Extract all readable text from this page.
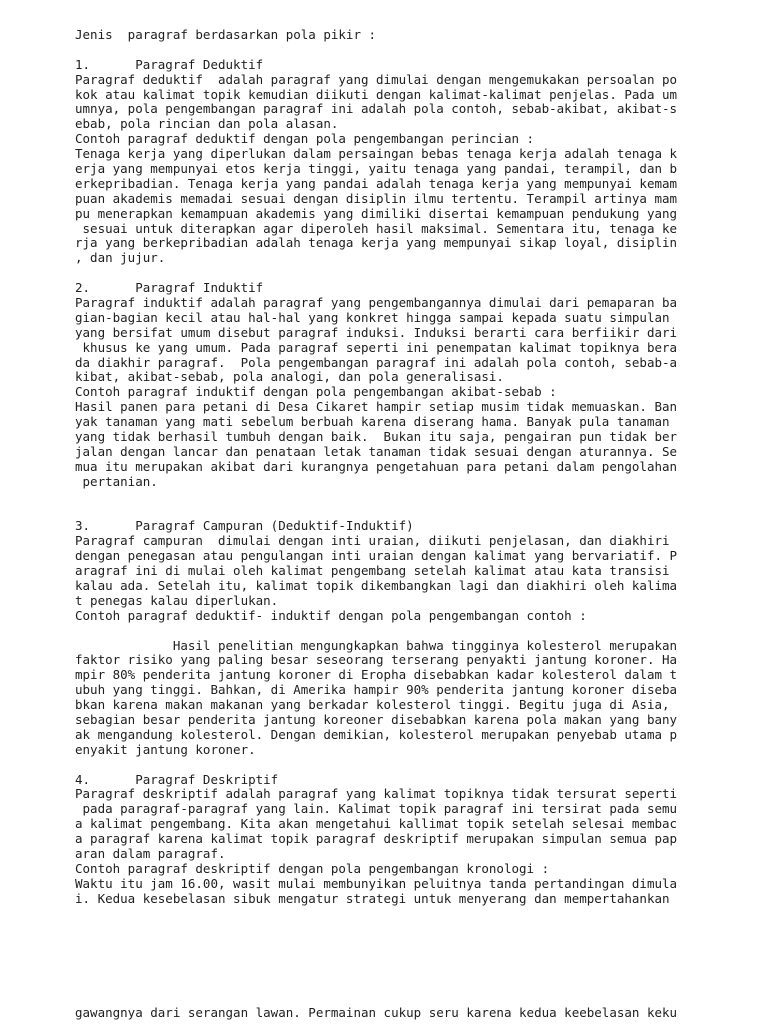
Jenis  paragraf berdasarkan pola pikir :
1.      Paragraf Deduktif
Paragraf deduktif  adalah paragraf yang dimulai dengan mengemukakan persoalan po
kok atau kalimat topik kemudian diikuti dengan kalimat-kalimat penjelas. Pada um
umnya, pola pengembangan paragraf ini adalah pola contoh, sebab-akibat, akibat-s
ebab, pola rincian dan pola alasan.
Contoh paragraf deduktif dengan pola pengembangan perincian :
Tenaga kerja yang diperlukan dalam persaingan bebas tenaga kerja adalah tenaga k
erja yang mempunyai etos kerja tinggi, yaitu tenaga yang pandai, terampil, dan b
erkepribadian. Tenaga kerja yang pandai adalah tenaga kerja yang mempunyai kemam
puan akademis memadai sesuai dengan disiplin ilmu tertentu. Terampil artinya mam
pu menerapkan kemampuan akademis yang dimiliki disertai kemampuan pendukung yang
sesuai untuk diterapkan agar diperoleh hasil maksimal. Sementara itu, tenaga ke
rja yang berkepribadian adalah tenaga kerja yang mempunyai sikap loyal, disiplin
, dan jujur.
2.      Paragraf Induktif
Paragraf induktif adalah paragraf yang pengembangannya dimulai dari pemaparan ba
gian-bagian kecil atau hal-hal yang konkret hingga sampai kepada suatu simpulan
yang bersifat umum disebut paragraf induksi. Induksi berarti cara berfiikir dari
khusus ke yang umum. Pada paragraf seperti ini penempatan kalimat topiknya bera
da diakhir paragraf.  Pola pengembangan paragraf ini adalah pola contoh, sebab-a
kibat, akibat-sebab, pola analogi, dan pola generalisasi.
Contoh paragraf induktif dengan pola pengembangan akibat-sebab :
Hasil panen para petani di Desa Cikaret hampir setiap musim tidak memuaskan. Ban
yak tanaman yang mati sebelum berbuah karena diserang hama. Banyak pula tanaman
yang tidak berhasil tumbuh dengan baik.  Bukan itu saja, pengairan pun tidak ber
jalan dengan lancar dan penataan letak tanaman tidak sesuai dengan aturannya. Se
mua itu merupakan akibat dari kurangnya pengetahuan para petani dalam pengolahan
pertanian.
3.      Paragraf Campuran (Deduktif-Induktif)
Paragraf campuran  dimulai dengan inti uraian, diikuti penjelasan, dan diakhiri
dengan penegasan atau pengulangan inti uraian dengan kalimat yang bervariatif. P
aragraf ini di mulai oleh kalimat pengembang setelah kalimat atau kata transisi
kalau ada. Setelah itu, kalimat topik dikembangkan lagi dan diakhiri oleh kalima
t penegas kalau diperlukan.
Contoh paragraf deduktif- induktif dengan pola pengembangan contoh :
Hasil penelitian mengungkapkan bahwa tingginya kolesterol merupakan
faktor risiko yang paling besar seseorang terserang penyakti jantung koroner. Ha
mpir 80% penderita jantung koroner di Eropha disebabkan kadar kolesterol dalam t
ubuh yang tinggi. Bahkan, di Amerika hampir 90% penderita jantung koroner diseba
bkan karena makan makanan yang berkadar kolesterol tinggi. Begitu juga di Asia,
sebagian besar penderita jantung koreoner disebabkan karena pola makan yang bany
ak mengandung kolesterol. Dengan demikian, kolesterol merupakan penyebab utama p
enyakit jantung koroner.
4.      Paragraf Deskriptif
Paragraf deskriptif adalah paragraf yang kalimat topiknya tidak tersurat seperti
pada paragraf-paragraf yang lain. Kalimat topik paragraf ini tersirat pada semu
a kalimat pengembang. Kita akan mengetahui kallimat topik setelah selesai membac
a paragraf karena kalimat topik paragraf deskriptif merupakan simpulan semua pap
aran dalam paragraf.
Contoh paragraf deskriptif dengan pola pengembangan kronologi :
Waktu itu jam 16.00, wasit mulai membunyikan peluitnya tanda pertandingan dimula
i. Kedua kesebelasan sibuk mengatur strategi untuk menyerang dan mempertahankan
gawangnya dari serangan lawan. Permainan cukup seru karena kedua keebelasan keku
